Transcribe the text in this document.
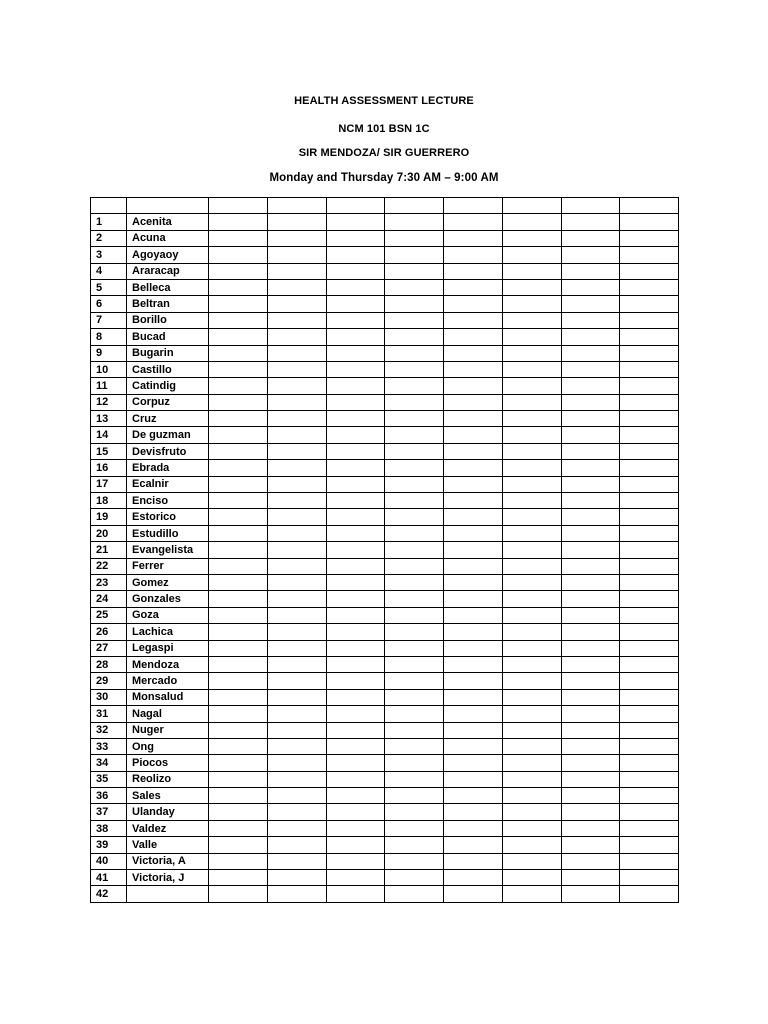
HEALTH ASSESSMENT LECTURE
NCM 101 BSN 1C
SIR MENDOZA/ SIR GUERRERO
Monday and Thursday 7:30 AM – 9:00 AM

1	Acenita								
2	Acuna								
3	Agoyaoy								
4	Araracap								
5	Belleca								
6	Beltran								
7	Borillo								
8	Bucad								
9	Bugarin								
10	Castillo								
11	Catindig								
12	Corpuz								
13	Cruz								
14	De guzman								
15	Devisfruto								
16	Ebrada								
17	Ecalnir								
18	Enciso								
19	Estorico								
20	Estudillo								
21	Evangelista								
22	Ferrer								
23	Gomez								
24	Gonzales								
25	Goza								
26	Lachica								
27	Legaspi								
28	Mendoza								
29	Mercado								
30	Monsalud								
31	Nagal								
32	Nuger								
33	Ong								
34	Piocos								
35	Reolizo								
36	Sales								
37	Ulanday								
38	Valdez								
39	Valle								
40	Victoria, A								
41	Victoria, J								
42									
